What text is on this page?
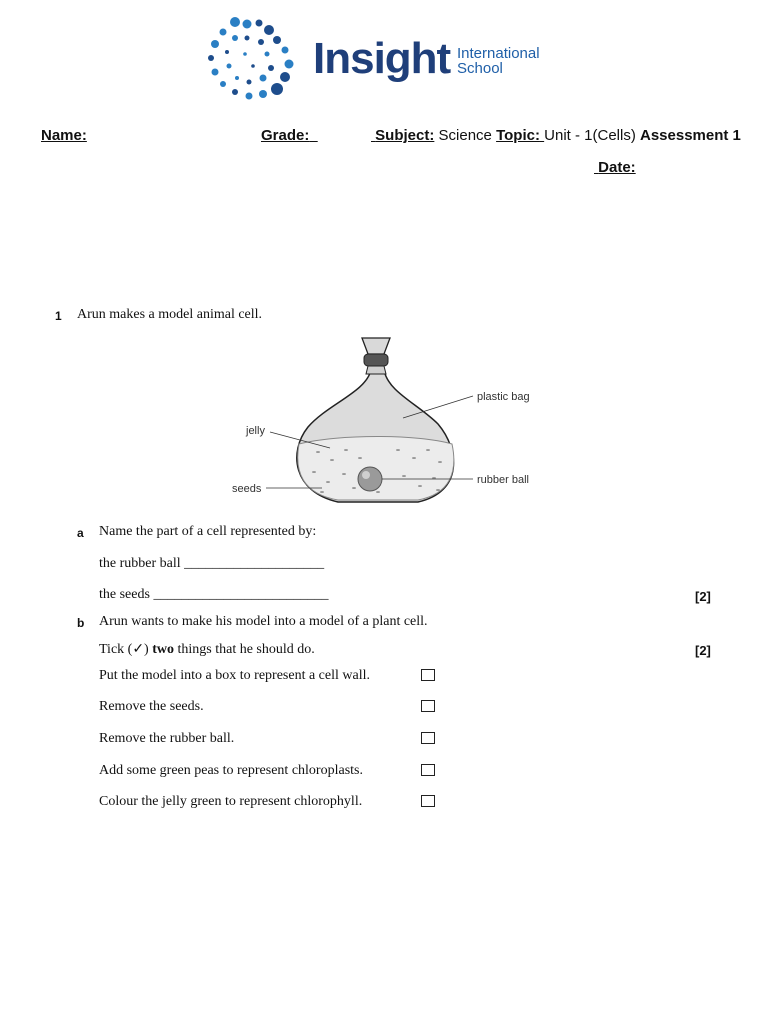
Insight International
School
Name:	Grade:	Subject: Science Topic: Unit - 1(Cells) Assessment 1
Date:
1 Arun makes a model animal cell.
plastic bag
jelly
seeds
rubber ball
a Name the part of a cell represented by:
the rubber ball ____________________
the seeds _________________________	[2]
b Arun wants to make his model into a model of a plant cell.
Tick (✓) two things that he should do.	[2]
Put the model into a box to represent a cell wall.
Remove the seeds.
Remove the rubber ball.
Add some green peas to represent chloroplasts.
Colour the jelly green to represent chlorophyll.
